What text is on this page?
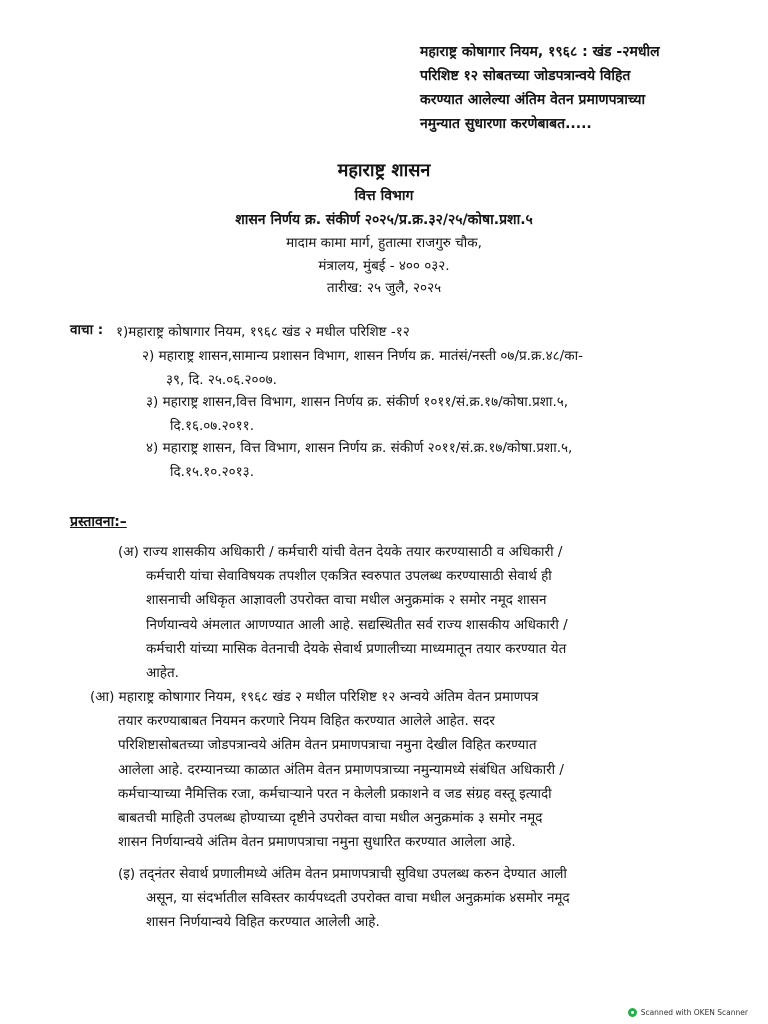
महाराष्ट्र कोषागार नियम, १९६८ : खंड -२मधील
परिशिष्ट १२ सोबतच्या जोडपत्रान्वये विहित
करण्यात आलेल्या अंतिम वेतन प्रमाणपत्राच्या
नमुन्यात सुधारणा करणेबाबत.....
महाराष्ट्र शासन
वित्त विभाग
शासन निर्णय क्र. संकीर्ण २०२५/प्र.क्र.३२/२५/कोषा.प्रशा.५
मादाम कामा मार्ग, हुतात्मा राजगुरु चौक,
मंत्रालय, मुंबई - ४०० ०३२.
तारीख: २५ जुलै, २०२५
वाचा : १)महाराष्ट्र कोषागार नियम, १९६८ खंड २ मधील परिशिष्ट -१२
२) महाराष्ट्र शासन,सामान्य प्रशासन विभाग, शासन निर्णय क्र. मातंसं/नस्ती ०७/प्र.क्र.४८/का-
३९, दि. २५.०६.२००७.
३) महाराष्ट्र शासन,वित्त विभाग, शासन निर्णय क्र. संकीर्ण १०११/सं.क्र.१७/कोषा.प्रशा.५,
दि.१६.०७.२०११.
४) महाराष्ट्र शासन, वित्त विभाग, शासन निर्णय क्र. संकीर्ण २०११/सं.क्र.१७/कोषा.प्रशा.५,
दि.१५.१०.२०१३.
प्रस्तावना:–
(अ) राज्य शासकीय अधिकारी / कर्मचारी यांची वेतन देयके तयार करण्यासाठी व अधिकारी /
कर्मचारी यांचा सेवाविषयक तपशील एकत्रित स्वरुपात उपलब्ध करण्यासाठी सेवार्थ ही
शासनाची अधिकृत आज्ञावली उपरोक्त वाचा मधील अनुक्रमांक २ समोर नमूद शासन
निर्णयान्वये अंमलात आणण्यात आली आहे. सद्यस्थितीत सर्व राज्य शासकीय अधिकारी /
कर्मचारी यांच्या मासिक वेतनाची देयके सेवार्थ प्रणालीच्या माध्यमातून तयार करण्यात येत
आहेत.
(आ) महाराष्ट्र कोषागार नियम, १९६८ खंड २ मधील परिशिष्ट १२ अन्वये अंतिम वेतन प्रमाणपत्र
तयार करण्याबाबत नियमन करणारे नियम विहित करण्यात आलेले आहेत. सदर
परिशिष्टासोबतच्या जोडपत्रान्वये अंतिम वेतन प्रमाणपत्राचा नमुना देखील विहित करण्यात
आलेला आहे. दरम्यानच्या काळात अंतिम वेतन प्रमाणपत्राच्या नमुन्यामध्ये संबंधित अधिकारी /
कर्मचाऱ्याच्या नैमित्तिक रजा, कर्मचाऱ्याने परत न केलेली प्रकाशने व जड संग्रह वस्तू इत्यादी
बाबतची माहिती उपलब्ध होण्याच्या दृष्टीने उपरोक्त वाचा मधील अनुक्रमांक ३ समोर नमूद
शासन निर्णयान्वये अंतिम वेतन प्रमाणपत्राचा नमुना सुधारित करण्यात आलेला आहे.
(इ) तद्नंतर सेवार्थ प्रणालीमध्ये अंतिम वेतन प्रमाणपत्राची सुविधा उपलब्ध करुन देण्यात आली
असून, या संदर्भातील सविस्तर कार्यपध्दती उपरोक्त वाचा मधील अनुक्रमांक ४समोर नमूद
शासन निर्णयान्वये विहित करण्यात आलेली आहे.
Scanned with OKEN Scanner
